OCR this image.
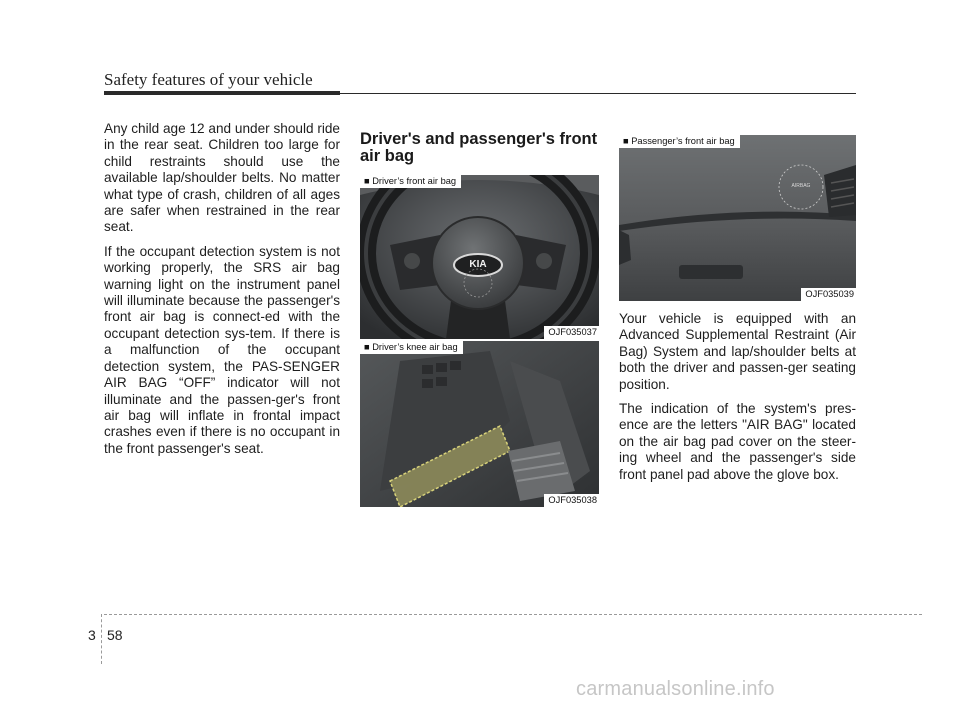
Safety features of your vehicle

Any child age 12 and under should ride in the rear seat. Children too large for child restraints should use the available lap/shoulder belts. No matter what type of crash, children of all ages are safer when restrained in the rear seat.

If the occupant detection system is not working properly, the SRS air bag warning light on the instrument panel will illuminate because the passenger's front air bag is connect-ed with the occupant detection sys-tem. If there is a malfunction of the occupant detection system, the PAS-SENGER AIR BAG “OFF” indicator will not illuminate and the passen-ger's front air bag will inflate in frontal impact crashes even if there is no occupant in the front passenger's seat.

Driver's and passenger's front air bag
KIA
■ Driver’s front air bag
OJF035037
■ Driver’s knee air bag
OJF035038
AIRBAG
■ Passenger’s front air bag
OJF035039

Your vehicle is equipped with an Advanced Supplemental Restraint (Air Bag) System and lap/shoulder belts at both the driver and passen-ger seating position.

The indication of the system's pres-ence are the letters "AIR BAG" located on the air bag pad cover on the steer-ing wheel and the passenger's side front panel pad above the glove box.

3 58
carmanualsonline.info
